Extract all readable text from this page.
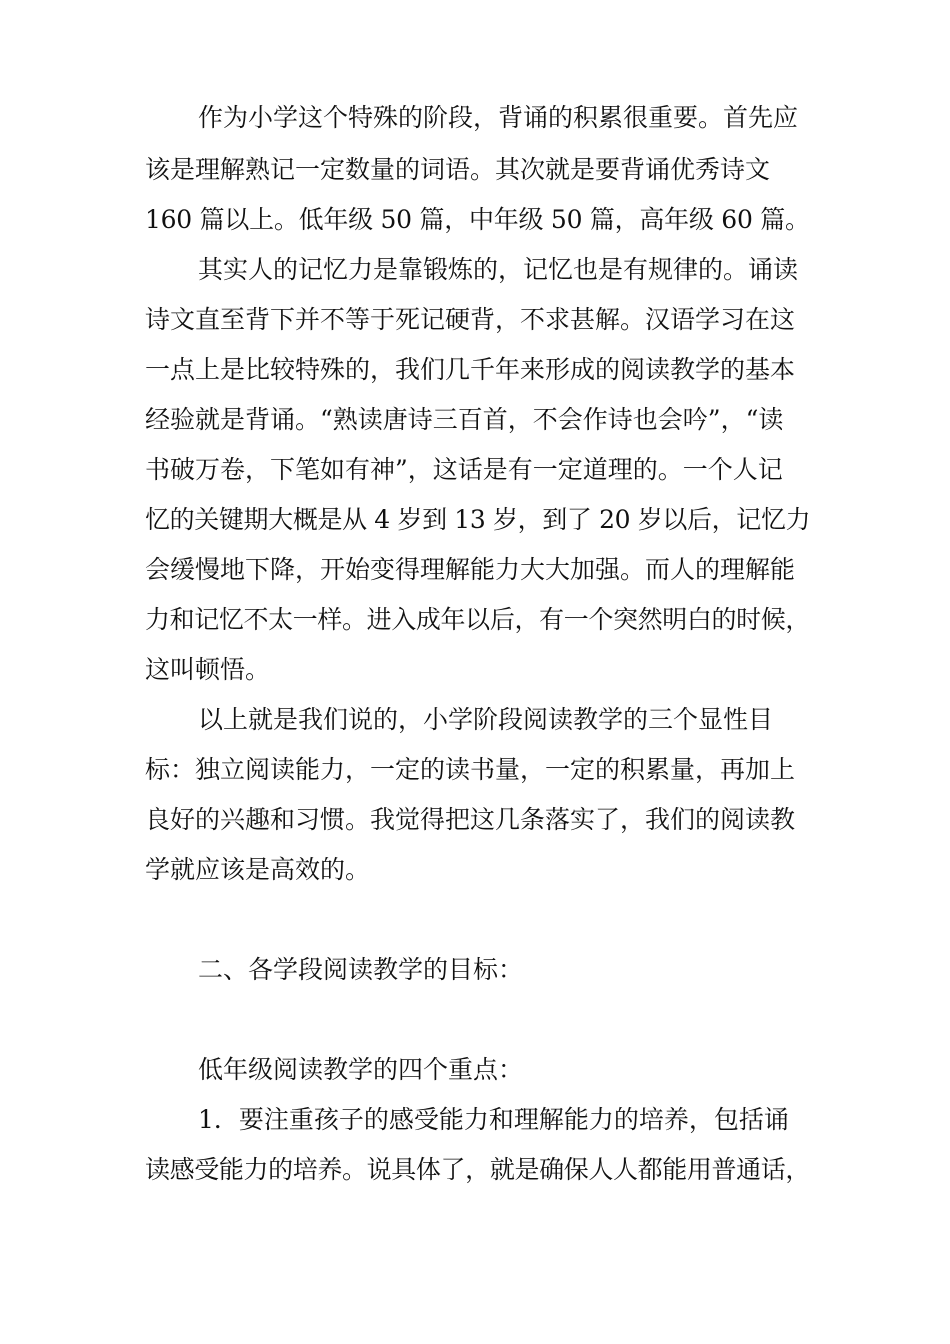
作为小学这个特殊的阶段，背诵的积累很重要。首先应
该是理解熟记一定数量的词语。其次就是要背诵优秀诗文
160 篇以上。低年级 50 篇，中年级 50 篇，高年级 60 篇。
其实人的记忆力是靠锻炼的，记忆也是有规律的。诵读
诗文直至背下并不等于死记硬背，不求甚解。汉语学习在这
一点上是比较特殊的，我们几千年来形成的阅读教学的基本
经验就是背诵。“熟读唐诗三百首，不会作诗也会吟”，“读
书破万卷，下笔如有神”，这话是有一定道理的。一个人记
忆的关键期大概是从 4 岁到 13 岁，到了 20 岁以后，记忆力
会缓慢地下降，开始变得理解能力大大加强。而人的理解能
力和记忆不太一样。进入成年以后，有一个突然明白的时候，
这叫顿悟。
以上就是我们说的，小学阶段阅读教学的三个显性目
标：独立阅读能力，一定的读书量，一定的积累量，再加上
良好的兴趣和习惯。我觉得把这几条落实了，我们的阅读教
学就应该是高效的。
二、各学段阅读教学的目标：
低年级阅读教学的四个重点：
1．要注重孩子的感受能力和理解能力的培养，包括诵
读感受能力的培养。说具体了，就是确保人人都能用普通话，
